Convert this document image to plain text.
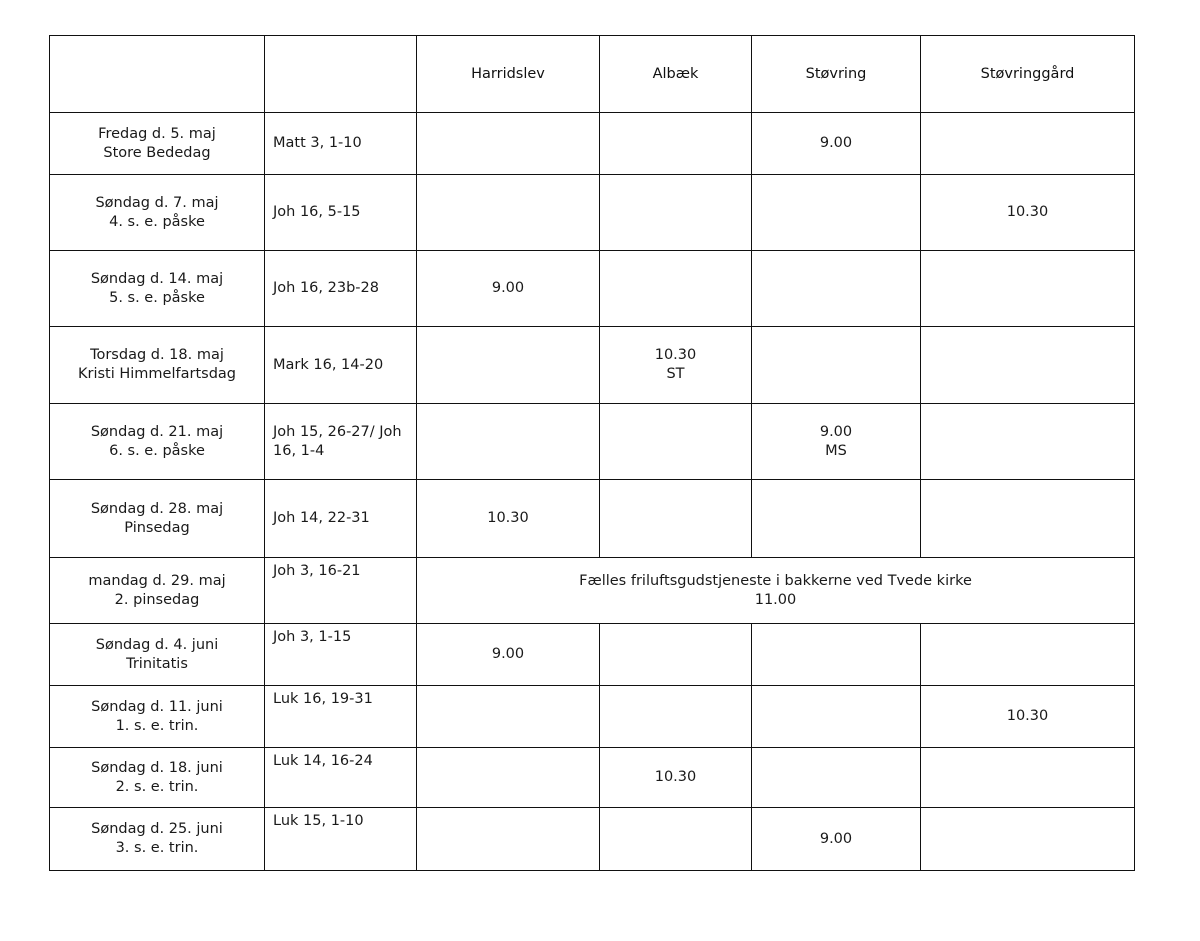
		Harridslev	Albæk	Støvring	Støvringgård

Fredag d. 5. maj
Store Bededag	Matt 3, 1-10			9.00	

Søndag d. 7. maj
4. s. e. påske	Joh 16, 5-15				10.30

Søndag d. 14. maj
5. s. e. påske	Joh 16, 23b-28	9.00			

Torsdag d. 18. maj
Kristi Himmelfartsdag	Mark 16, 14-20		10.30
ST		

Søndag d. 21. maj
6. s. e. påske	Joh 15, 26-27/ Joh 16, 1-4			9.00
MS	

Søndag d. 28. maj
Pinsedag	Joh 14, 22-31	10.30			

mandag d. 29. maj
2. pinsedag	Joh 3, 16-21	Fælles friluftsgudstjeneste i bakkerne ved Tvede kirke
11.00			

Søndag d. 4. juni
Trinitatis	Joh 3, 1-15	9.00			

Søndag d. 11. juni
1. s. e. trin.	Luk 16, 19-31				10.30

Søndag d. 18. juni
2. s. e. trin.	Luk 14, 16-24		10.30		

Søndag d. 25. juni
3. s. e. trin.	Luk 15, 1-10			9.00	
